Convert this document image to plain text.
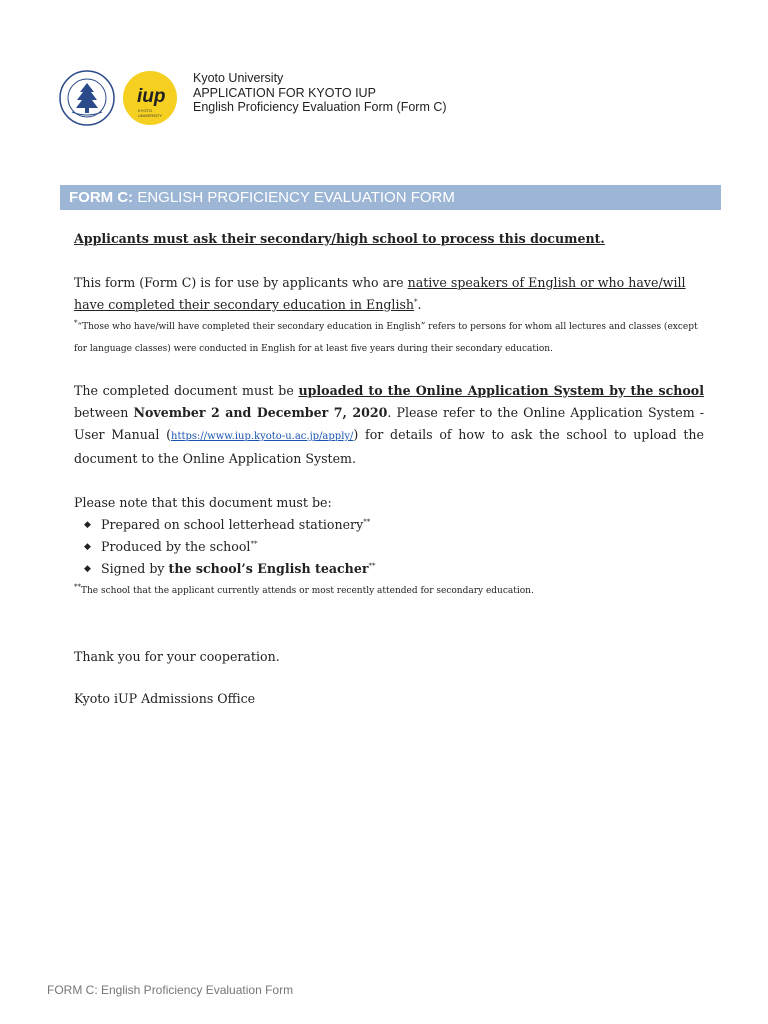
iup
KYOTO
UNIVERSITY
Kyoto University
APPLICATION FOR KYOTO IUP
English Proficiency Evaluation Form (Form C)
FORM C: ENGLISH PROFICIENCY EVALUATION FORM

Applicants must ask their secondary/high school to process this document.

This form (Form C) is for use by applicants who are native speakers of English or who have/will have completed their secondary education in English*.

*“Those who have/will have completed their secondary education in English” refers to persons for whom all lectures and classes (except for language classes) were conducted in English for at least five years during their secondary education.

The completed document must be uploaded to the Online Application System by the school between November 2 and December 7, 2020. Please refer to the Online Application System - User Manual (https://www.iup.kyoto-u.ac.jp/apply/) for details of how to ask the school to upload the document to the Online Application System.

Please note that this document must be:

◆ Prepared on school letterhead stationery**
◆ Produced by the school**
◆ Signed by the school’s English teacher**

**The school that the applicant currently attends or most recently attended for secondary education.

Thank you for your cooperation.

Kyoto iUP Admissions Office

FORM C: English Proficiency Evaluation Form
